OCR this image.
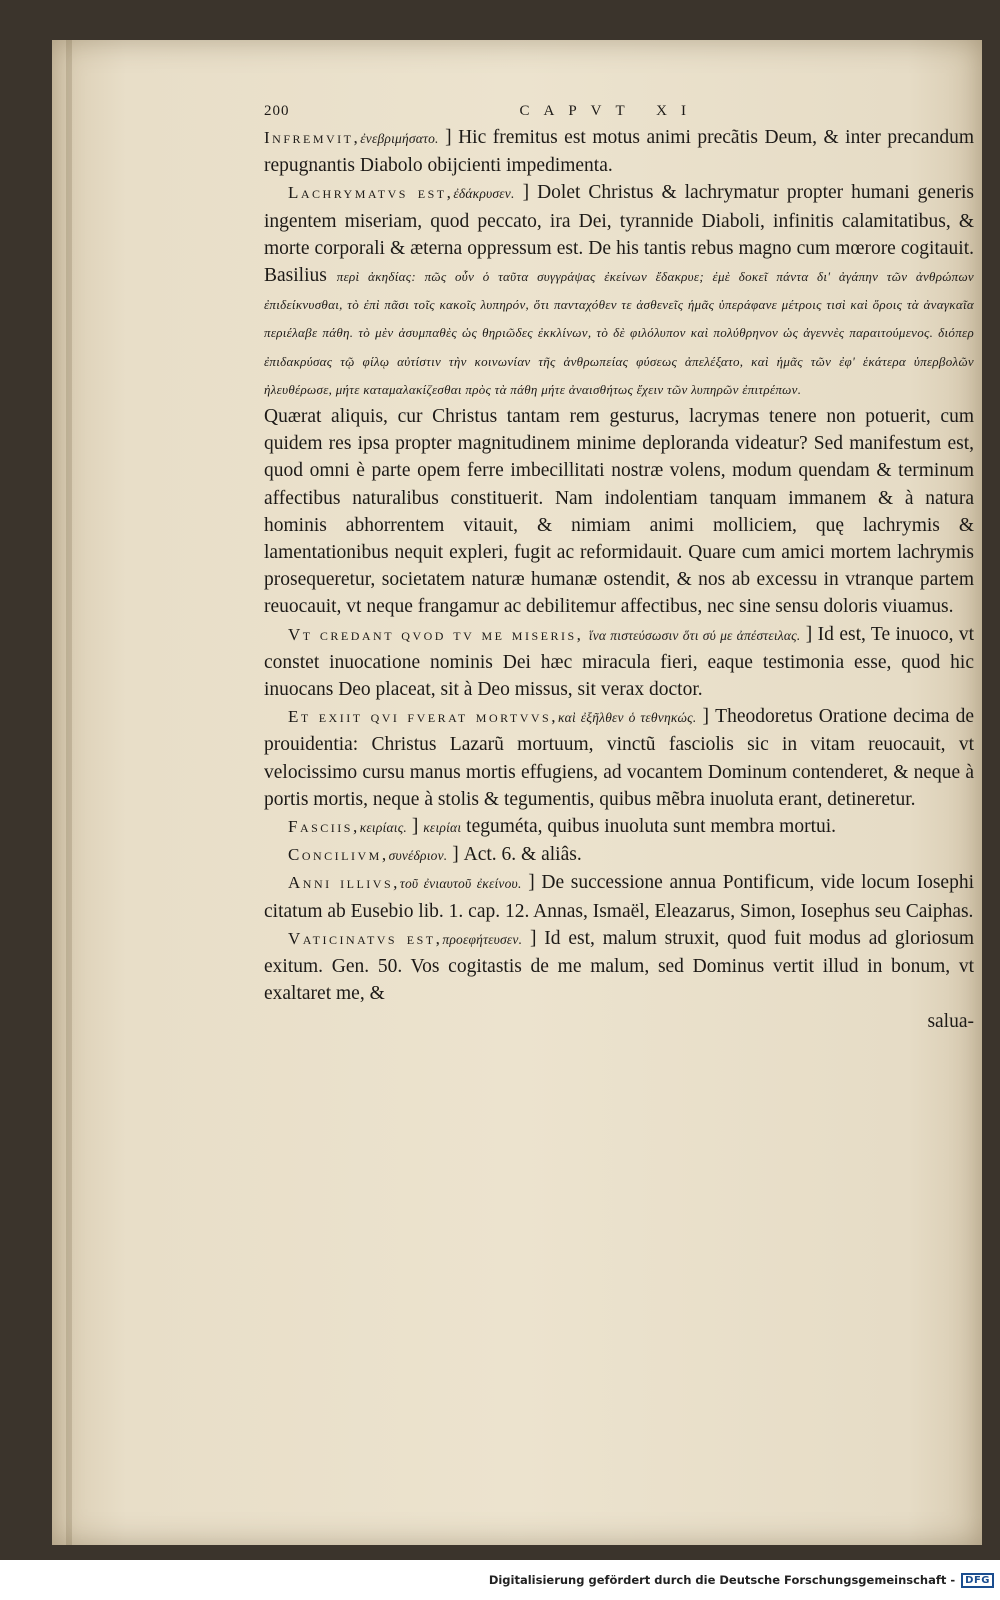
200	CAPVT XI

Infremvit,ἐνεβριμήσατο. ] Hic fremitus est motus animi precãtis Deum, & inter precandum repugnantis Diabolo obijcienti impedimenta.

Lachrymatvs est,ἐδάκρυσεν. ] Dolet Christus & lachrymatur propter humani generis ingentem miseriam, quod peccato, ira Dei, tyrannide Diaboli, infinitis calamitatibus, & morte corporali & æterna oppressum est. De his tantis rebus magno cum mœrore cogitauit. Basilius περὶ ἀκηδίας: πῶς οὖν ὁ ταῦτα συγγράψας ἐκείνων ἔδακρυε; ἐμὲ δοκεῖ πάντα δι' ἀγάπην τῶν ἀνθρώπων ἐπιδείκνυσθαι, τὸ ἐπὶ πᾶσι τοῖς κακοῖς λυπηρόν, ὅτι πανταχόθεν τε ἀσθενεῖς ἡμᾶς ὑπεράφανε μέτροις τισὶ καὶ ὅροις τὰ ἀναγκαῖα περιέλαβε πάθη. τὸ μὲν ἀσυμπαθὲς ὡς θηριῶδες ἐκκλίνων, τὸ δὲ φιλόλυπον καὶ πολύθρηνον ὡς ἀγεννὲς παραιτούμενος. διόπερ ἐπιδακρύσας τῷ φίλῳ αὐτίστιν τὴν κοινωνίαν τῆς ἀνθρωπείας φύσεως ἀπελέξατο, καὶ ἡμᾶς τῶν ἐφ' ἑκάτερα ὑπερβολῶν ἠλευθέρωσε, μήτε καταμαλακίζεσθαι πρὸς τὰ πάθη μήτε ἀναισθήτως ἔχειν τῶν λυπηρῶν ἐπιτρέπων.

Quærat aliquis, cur Christus tantam rem gesturus, lacrymas tenere non potuerit, cum quidem res ipsa propter magnitudinem minime deploranda videatur? Sed manifestum est, quod omni è parte opem ferre imbecillitati nostræ volens, modum quendam & terminum affectibus naturalibus constituerit. Nam indolentiam tanquam immanem & à natura hominis abhorrentem vitauit, & nimiam animi molliciem, quę lachrymis & lamentationibus nequit expleri, fugit ac reformidauit. Quare cum amici mortem lachrymis prosequeretur, societatem naturæ humanæ ostendit, & nos ab excessu in vtranque partem reuocauit, vt neque frangamur ac debilitemur affectibus, nec sine sensu doloris viuamus.

Vt credant qvod tv me miseris, ἵνα πιστεύσωσιν ὅτι σύ με ἀπέστειλας. ] Id est, Te inuoco, vt constet inuocatione nominis Dei hæc miracula fieri, eaque testimonia esse, quod hic inuocans Deo placeat, sit à Deo missus, sit verax doctor.

Et exiit qvi fverat mortvvs,καὶ ἐξῆλθεν ὁ τεθνηκώς. ] Theodoretus Oratione decima de prouidentia: Christus Lazarũ mortuum, vinctũ fasciolis sic in vitam reuocauit, vt velocissimo cursu manus mortis effugiens, ad vocantem Dominum contenderet, & neque à portis mortis, neque à stolis & tegumentis, quibus mẽbra inuoluta erant, detineretur.

Fasciis,κειρίαις. ] κειρίαι teguméta, quibus inuoluta sunt membra mortui.

Concilivm,συνέδριον. ] Act. 6. & aliâs.

Anni illivs,τοῦ ἐνιαυτοῦ ἐκείνου. ] De successione annua Pontificum, vide locum Iosephi citatum ab Eusebio lib. 1. cap. 12. Annas, Ismaël, Eleazarus, Simon, Iosephus seu Caiphas.

Vaticinatvs est,προεφήτευσεν. ] Id est, malum struxit, quod fuit modus ad gloriosum exitum. Gen. 50. Vos cogitastis de me malum, sed Dominus vertit illud in bonum, vt exaltaret me, &

salua-

Digitalisierung gefördert durch die Deutsche Forschungsgemeinschaft -	DFG
